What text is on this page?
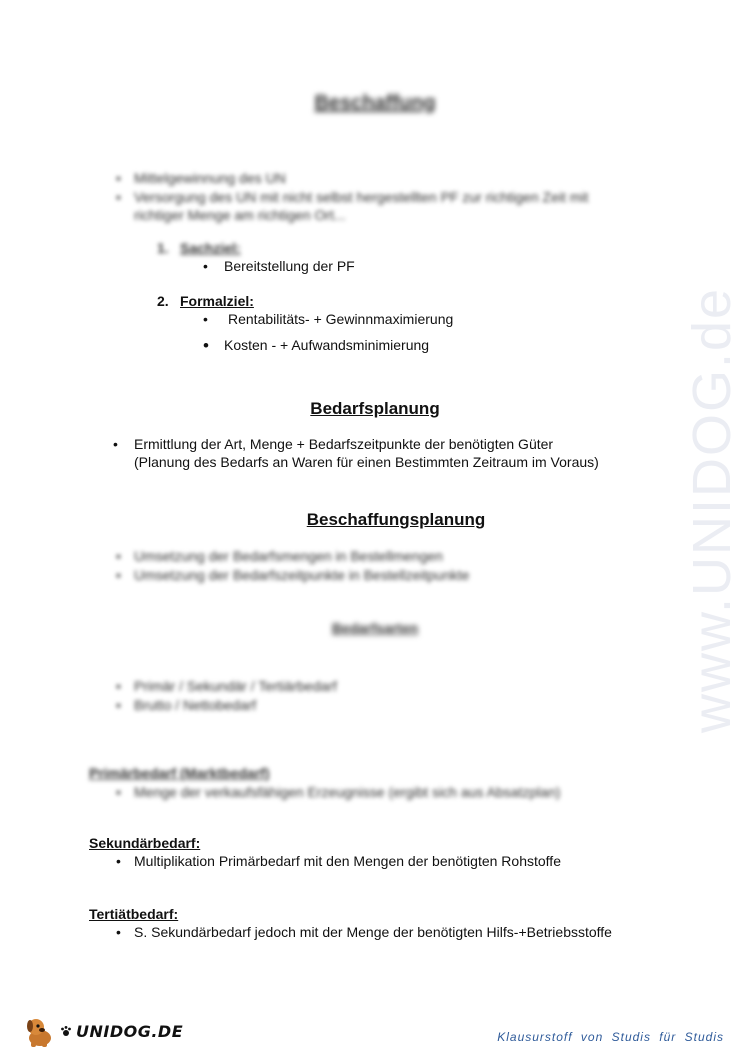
www.UNIDOG.de
Beschaffung
• Mittelgewinnung des UN
• Versorgung des UN mit nicht selbst hergestellten PF zur richtigen Zeit mit
richtiger Menge am richtigen Ort...
1. Sachziel:
• Bereitstellung der PF
2. Formalziel:
• Rentabilitäts- + Gewinnmaximierung
• Kosten - + Aufwandsminimierung
Bedarfsplanung
• Ermittlung der Art, Menge + Bedarfszeitpunkte der benötigten Güter
(Planung des Bedarfs an Waren für einen Bestimmten Zeitraum im Voraus)
Beschaffungsplanung
• Umsetzung der Bedarfsmengen in Bestellmengen
• Umsetzung der Bedarfszeitpunkte in Bestellzeitpunkte
Bedarfsarten
• Primär / Sekundär / Tertiärbedarf
• Brutto / Nettobedarf
Primärbedarf (Marktbedarf)
• Menge der verkaufsfähigen Erzeugnisse (ergibt sich aus Absatzplan)
Sekundärbedarf:
• Multiplikation Primärbedarf mit den Mengen der benötigten Rohstoffe
Tertiätbedarf:
• S. Sekundärbedarf jedoch mit der Menge der benötigten Hilfs-+Betriebsstoffe
UNIDOG.DE	Klausurstoff von Studis für Studis
